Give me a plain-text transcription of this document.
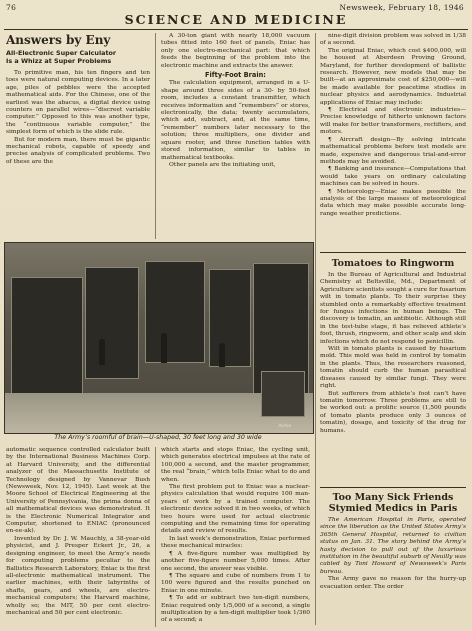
76	Newsweek, February 18, 1946
SCIENCE AND MEDICINE
Answers by Eny
All-Electronic Super Calculator
Is a Whizz at Super Problems

To primitive man, his ten fingers and ten toes were natural computing devices. In a later age, piles of pebbles were the accepted mathematical aids. For the Chinese, one of the earliest was the abacus, a digital device using counters on parallel wires—“discreet variable computer.” Opposed to this was another type, the “continuous variable computer,” the simplest form of which is the slide rule.

But for modern man, there must be gigantic mechanical robots, capable of speedy and precise analysis of complicated problems. Two of these are the

A 30-ton giant with nearly 18,000 vacuum tubes fitted into 160 feet of panels, Eniac has only one electro-mechanical part: that which feeds the beginning of the problem into the electronic machine and extracts the answer.

Fifty-Foot Brain:

The calculation equipment, arranged in a U-shape around three sides of a 30- by 50-foot room, includes a constant transmitter, which receives information and “remembers” or stores, electronically, the data; twenty accumulators, which add, subtract, and, at the same time, “remember” numbers later necessary to the solution; three multipliers, one divider and square rooter, and three function tables with stored information, similar to tables in mathematical textbooks.

Other panels are the initiating unit,

nine-digit division problem was solved in 1/38 of a second.

The original Eniac, which cost $400,000, will be housed at Aberdeen Proving Ground, Maryland, for further development of ballistic research. However, new models that may be built—at an approximate cost of $250,000—will be made available for peacetime studies in nuclear physics and aerodynamics. Industrial applications of Eniac may include:

¶ Electrical and electronic industries—Precise knowledge of hitherto unknown factors will make for better transformers, rectifiers, and motors.

¶ Aircraft design—By solving intricate mathematical problems before test models are made, expensive and dangerous trial-and-error methods may be avoided.

¶ Banking and insurance—Computations that would take years on ordinary calculating machines can be solved in hours.

¶ Meteorology—Eniac makes possible the analysis of the large masses of meteorological data which may make possible accurate long-range weather predictions.

Tomatoes to Ringworm

In the Bureau of Agricultural and Industrial Chemistry at Beltsville, Md., Department of Agriculture scientists sought a cure for fusarium wilt in tomato plants. To their surprise they stumbled onto a remarkably effective treatment for fungus infections in human beings. The discovery is tomatin, an antibiotic. Although still in the test-tube stage, it has relieved athlete’s foot, thrush, ringworm, and other scalp and skin infections which do not respond to penicillin.

Wilt in tomato plants is caused by fusarium mold. This mold was held in control by tomatin in the plants. Thus, the researchers reasoned, tomatin should curb the human parasitical diseases caused by similar fungi. They were right.

But sufferers from athlete’s foot can’t have tomatin tomorrow. Three problems are still to be worked out: a prolific source (1,500 pounds of tomato plants produce only 3 ounces of tomatin), dosage, and toxicity of the drug for humans.

Too Many Sick Friends
Stymied Medics in Paris

The American Hospital in Paris, operated since the liberation as the United States Army’s 365th General Hospital, returned to civilian status on Jan. 31. The story behind the Army’s hasty decision to pull out of the luxurious institution in the beautiful suburb of Neuilly was cabled by Toni Howard of Newsweek’s Paris bureau.

The Army gave no reason for the hurry-up evacuation order. The order

Acme
The Army’s roomful of brain—U-shaped, 30 feet long and 30 wide

automatic sequence controlled calculator built by the International Business Machines Corp. at Harvard University, and the differential analyzer of the Massachusetts Institute of Technology designed by Vannevar Bush (Newsweek, Nov. 12, 1945). Last week at the Moore School of Electrical Engineering at the University of Pennsylvania, the prima donna of all mathematical devices was demonstrated. It is the Electronic Numerical Integrator and Computer, shortened to ENIAC (pronounced en-ee-ak).

Invented by Dr. J. W. Mauchly, a 38-year-old physicist, and J. Presper Eckert Jr., 26, a designing engineer, to meet the Army’s needs for computing problems peculiar to the Ballistics Research Laboratory, Eniac is the first all-electronic mathematical instrument. The earlier machines, with their labyrinths of shafts, gears, and wheels, are electro-mechanical computers; the Harvard machine, wholly so; the MIT, 50 per cent electro-mechanical and 50 per cent electronic.

which starts and stops Eniac, the cycling unit, which generates electrical impulses at the rate of 100,000 a second, and the master programmer, the real “brain,” which tells Eniac what to do and when.

The first problem put to Eniac was a nuclear-physics calculation that would require 100 man-years of work by a trained computer. The electronic device solved it in two weeks, of which two hours were used for actual electronic computing and the remaining time for operating details and review of results.

In last week’s demonstration, Eniac performed these mechanical miracles:

¶ A five-figure number was multiplied by another five-figure number 5,000 times. After one second, the answer was visible.

¶ The square and cube of numbers from 1 to 100 were figured and the results punched on Eniac in one minute.

¶ To add or subtract two ten-digit numbers, Eniac required only 1/5,000 of a second, a single multiplication by a ten-digit multiplier took 1/360 of a second; a
